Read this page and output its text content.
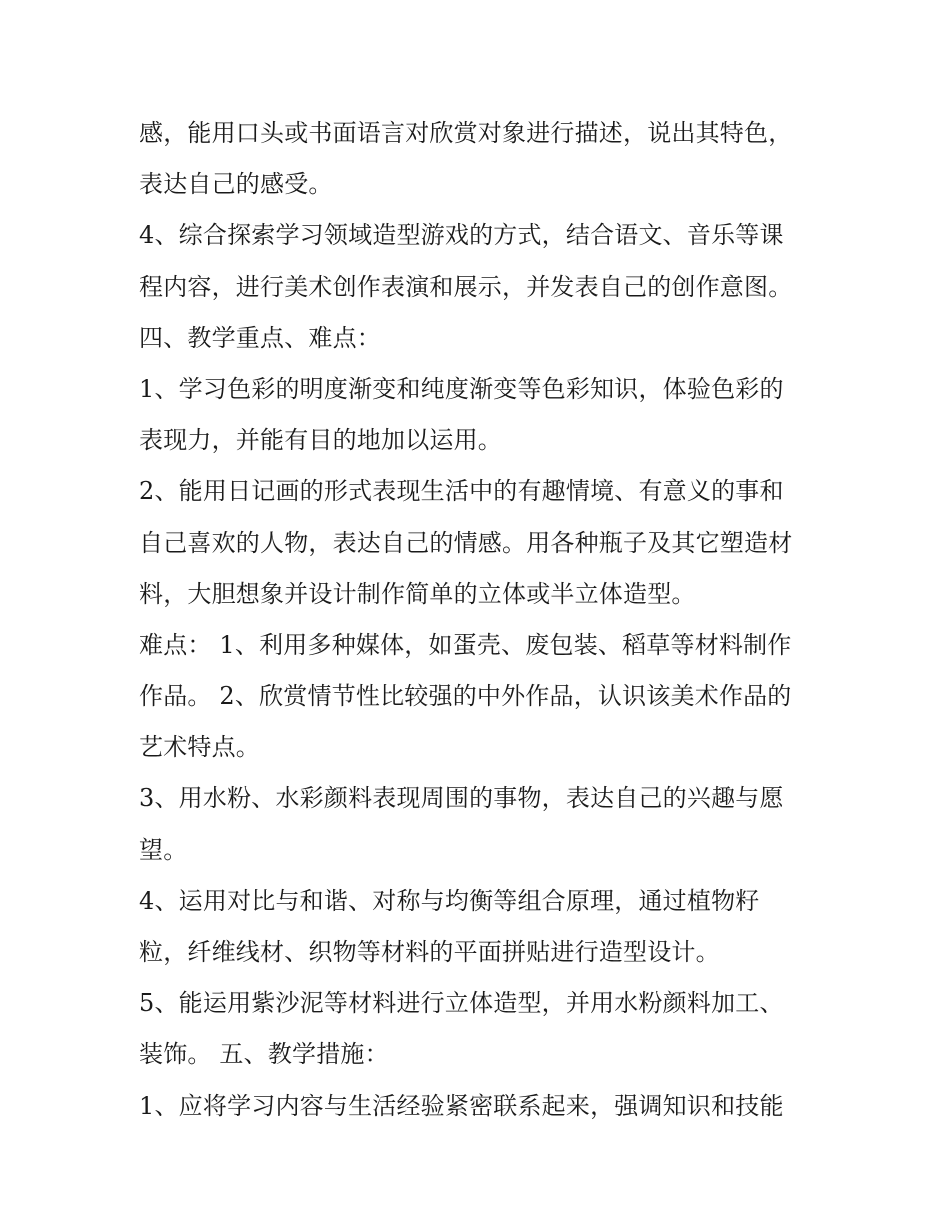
感，能用口头或书面语言对欣赏对象进行描述，说出其特色，
表达自己的感受。
4、综合探索学习领域造型游戏的方式，结合语文、音乐等课
程内容，进行美术创作表演和展示，并发表自己的创作意图。
四、教学重点、难点：
1、学习色彩的明度渐变和纯度渐变等色彩知识，体验色彩的
表现力，并能有目的地加以运用。
2、能用日记画的形式表现生活中的有趣情境、有意义的事和
自己喜欢的人物，表达自己的情感。用各种瓶子及其它塑造材
料，大胆想象并设计制作简单的立体或半立体造型。
难点： 1、利用多种媒体，如蛋壳、废包装、稻草等材料制作
作品。 2、欣赏情节性比较强的中外作品，认识该美术作品的
艺术特点。
3、用水粉、水彩颜料表现周围的事物，表达自己的兴趣与愿
望。
4、运用对比与和谐、对称与均衡等组合原理，通过植物籽
粒，纤维线材、织物等材料的平面拼贴进行造型设计。
5、能运用紫沙泥等材料进行立体造型，并用水粉颜料加工、
装饰。 五、教学措施：
1、应将学习内容与生活经验紧密联系起来，强调知识和技能
